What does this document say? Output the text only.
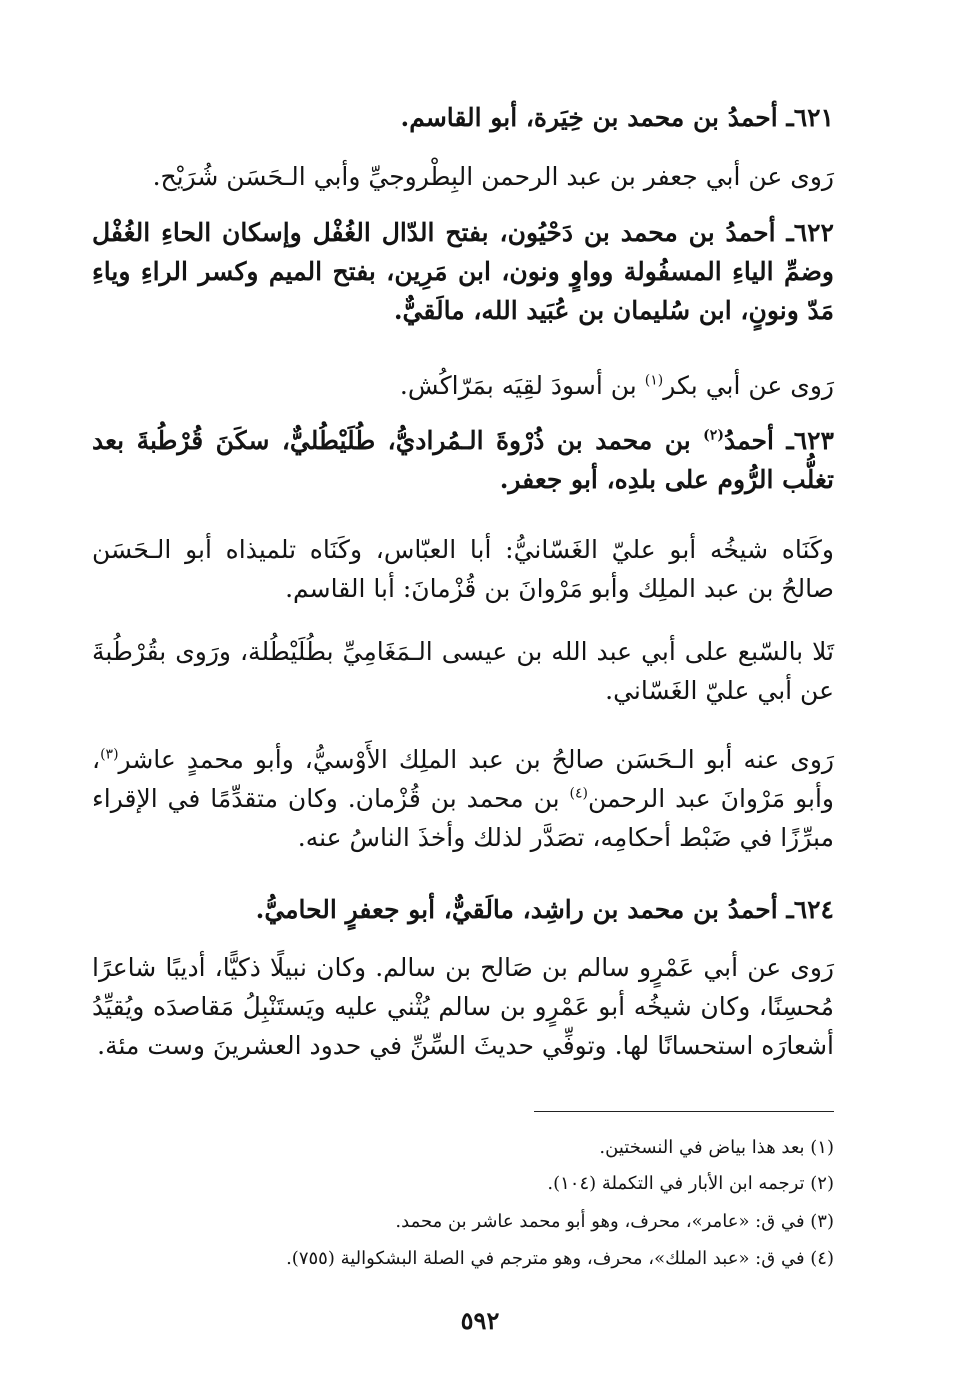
٦٢١ـ أحمدُ بن محمد بن خِيَرة، أبو القاسم.

رَوى عن أبي جعفر بن عبد الرحمن البِطْروجيِّ وأبي الـحَسَن شُرَيْح.

٦٢٢ـ أحمدُ بن محمد بن دَحْيُون، بفتح الدّال الغُفْل وإسكان الحاءِ الغُفْل وضمِّ الياءِ المسفُولة وواوٍ ونون، ابن مَرِين، بفتح الميم وكسر الراءِ وياءِ مَدّ ونونٍ، ابن سُليمان بن عُبَيد الله، مالَقيٌّ.

رَوى عن أبي بكر$^{(١)}$ بن أسودَ لقِيَه بمَرّاكُش.

٦٢٣ـ أحمدُ$^{(٢)}$ بن محمد بن ذُرْوةَ الـمُراديُّ، طُلَيْطُليٌّ، سكَنَ قُرْطُبةَ بعد تغلُّب الرُّوم على بلدِه، أبو جعفر.

وكَنَاه شيخُه أبو عليّ الغَسّانيُّ: أبا العبّاس، وكَنَاه تلميذاه أبو الـحَسَن صالحُ بن عبد الملِك وأبو مَرْوانَ بن قُزْمانَ: أبا القاسم.

تَلا بالسّبع على أبي عبد الله بن عيسى الـمَغَامِيِّ بطُلَيْطُلة، ورَوى بقُرْطُبةَ عن أبي عليّ الغَسّاني.

رَوى عنه أبو الـحَسَن صالحُ بن عبد الملِك الأَوْسيُّ، وأبو محمدٍ عاشر$^{(٣)}$، وأبو مَرْوانَ عبد الرحمن$^{(٤)}$ بن محمد بن قُزْمان. وكان متقدِّمًا في الإقراء مبرِّزًا في ضَبْط أحكامِه، تصَدَّر لذلك وأخذَ الناسُ عنه.

٦٢٤ـ أحمدُ بن محمد بن راشِد، مالَقيٌّ، أبو جعفرٍ الحاميُّ.

رَوى عن أبي عَمْرٍو سالم بن صَالح بن سالم. وكان نبيلًا ذكيًّا، أديبًا شاعرًا مُحسِنًا، وكان شيخُه أبو عَمْرٍو بن سالم يُثْني عليه ويَستَنْبِلُ مَقاصدَه ويُقيِّدُ أشعارَه استحسانًا لها. وتوفِّي حديثَ السِّنِّ في حدود العشرينَ وست مئة.

(١) بعد هذا بياض في النسختين.

(٢) ترجمه ابن الأبار في التكملة (١٠٤).

(٣) في ق: «عامر»، محرف، وهو أبو محمد عاشر بن محمد.

(٤) في ق: «عبد الملك»، محرف، وهو مترجم في الصلة البشكوالية (٧٥٥).

٥٩٢
